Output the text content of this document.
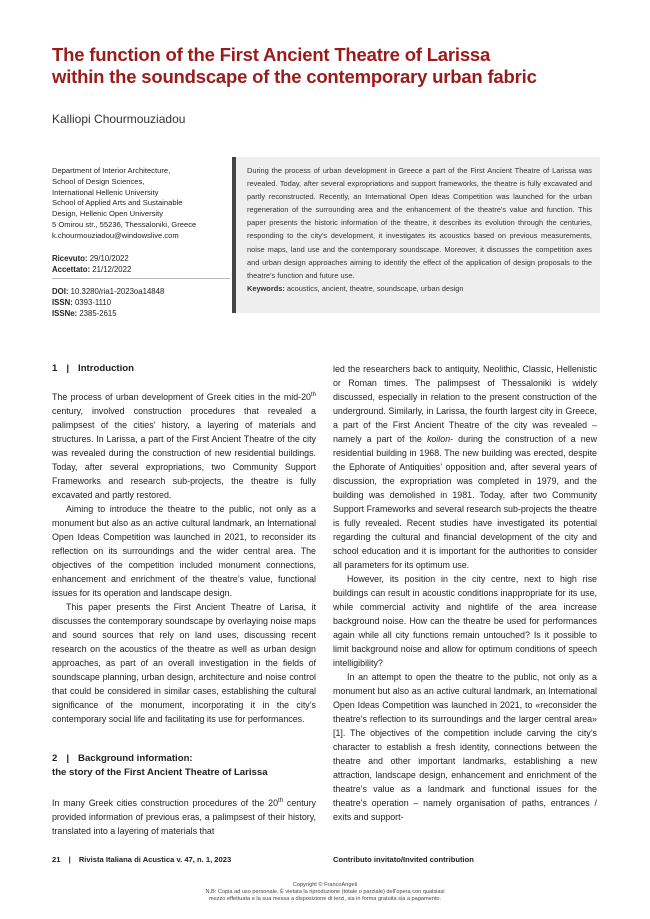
The function of the First Ancient Theatre of Larissa
within the soundscape of the contemporary urban fabric

Kalliopi Chourmouziadou

Department of Interior Architecture,

School of Design Sciences,

International Hellenic University

School of Applied Arts and Sustainable

Design, Hellenic Open University

5 Omirou str., 55236, Thessaloniki, Greece

k.chourmouziadou@windowslive.com

Ricevuto: 29/10/2022
Accettato: 21/12/2022
DOI: 10.3280/ria1-2023oa14848
ISSN: 0393-1110
ISSNe: 2385-2615
During the process of urban development in Greece a part of the First Ancient Theatre of Larissa was revealed. Today, after several expropriations and support frameworks, the theatre is fully excavated and partly reconstructed. Recently, an International Open Ideas Competition was launched for the urban regeneration of the surrounding area and the enhancement of the theatre’s value and function. This paper presents the historic information of the theatre, it describes its evolution through the centuries, responding to the city’s development, it investigates its acoustics based on previous measurements, noise maps, land use and the contemporary soundscape. Moreover, it discusses the competition axes and urban design approaches aiming to identify the effect of the application of design proposals to the theatre’s function and future use.
Keywords: acoustics, ancient, theatre, soundscape, urban design
1 | Introduction

The process of urban development of Greek cities in the mid-20th century, involved construction procedures that revealed a palimpsest of the cities’ history, a layering of materials and structures. In Larissa, a part of the First Ancient Theatre of the city was revealed during the construction of new residential buildings. Today, after several expropriations, two Community Support Frameworks and research sub-projects, the theatre is fully excavated and partly restored.

Aiming to introduce the theatre to the public, not only as a monument but also as an active cultural landmark, an International Open Ideas Competition was launched in 2021, to reconsider its reflection on its surroundings and the wider central area. The objectives of the competition included monument connections, enhancement and enrichment of the theatre’s value, functional issues for its operation and landscape design.

This paper presents the First Ancient Theatre of Larisa, it discusses the contemporary soundscape by overlaying noise maps and sound sources that rely on land uses, discussing recent research on the acoustics of the theatre as well as urban design approaches, as part of an overall investigation in the fields of soundscape planning, urban design, architecture and noise control that could be considered in similar cases, establishing the cultural significance of the monument, incorporating it in the city’s contemporary social life and facilitating its use for performances.

2 | Background information:
the story of the First Ancient Theatre of Larissa

In many Greek cities construction procedures of the 20th century provided information of previous eras, a palimpsest of their history, translated into a layering of materials that

led the researchers back to antiquity, Neolithic, Classic, Hellenistic or Roman times. The palimpsest of Thessaloniki is widely discussed, especially in relation to the present construction of the underground. Similarly, in Larissa, the fourth largest city in Greece, a part of the First Ancient Theatre of the city was revealed – namely a part of the koilon- during the construction of a new residential building in 1968. The new building was erected, despite the Ephorate of Antiquities’ opposition and, after several years of discussion, the expropriation was completed in 1979, and the building was demolished in 1981. Today, after two Community Support Frameworks and several research sub-projects the theatre is fully revealed. Recent studies have investigated its potential regarding the cultural and financial development of the city and school education and it is important for the authorities to consider all parameters for its optimum use.

However, its position in the city centre, next to high rise buildings can result in acoustic conditions inappropriate for its use, while commercial activity and nightlife of the area increase background noise. How can the theatre be used for performances again while all city functions remain untouched? Is it possible to limit background noise and allow for optimum conditions of speech intelligibility?

In an attempt to open the theatre to the public, not only as a monument but also as an active cultural landmark, an International Open Ideas Competition was launched in 2021, to «reconsider the theatre’s reflection to its surroundings and the larger central area» [1]. The objectives of the competition include carving the city’s character to establish a fresh identity, connections between the theatre and other important landmarks, establishing a new attraction, landscape design, enhancement and enrichment of the theatre’s value as a landmark and functional issues for the theatre’s operation – namely organisation of paths, entrances / exits and support-

21 | Rivista Italiana di Acustica v. 47, n. 1, 2023	Contributo invitato/Invited contribution

Copyright © FrancoAngeli

N.B: Copia ad uso personale. È vietata la riproduzione (totale o parziale) dell’opera con qualsiasi

mezzo effettuata e la sua messa a disposizione di terzi, sia in forma gratuita sia a pagamento.
